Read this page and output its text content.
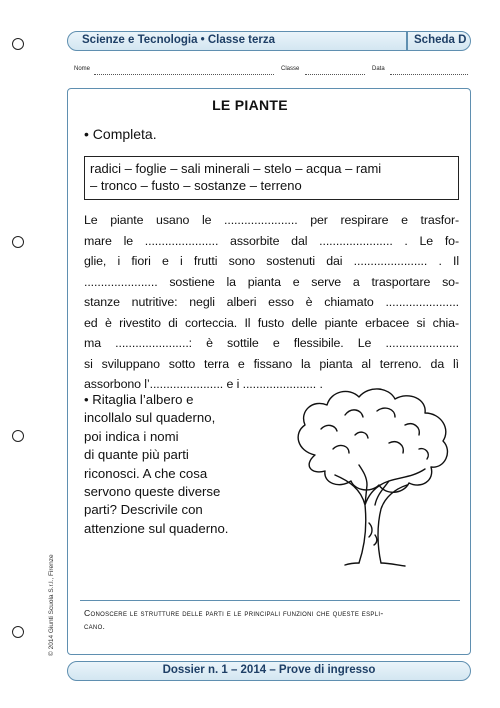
Scienze e Tecnologia • Classe terza	Scheda D
Nome	Classe	Data
LE PIANTE
• Completa.
radici – foglie – sali minerali – stelo – acqua – rami
– tronco – fusto – sostanze – terreno
Le piante usano le ...................... per respirare e trasfor-
mare le ...................... assorbite dal ...................... . Le fo-
glie, i fiori e i frutti sono sostenuti dai ...................... . Il
...................... sostiene la pianta e serve a trasportare so-
stanze nutritive: negli alberi esso è chiamato ......................
ed è rivestito di corteccia. Il fusto delle piante erbacee si chia-
ma ......................: è sottile e flessibile. Le ......................
si sviluppano sotto terra e fissano la pianta al terreno. da lì
assorbono l’...................... e i ...................... .
• Ritaglia l’albero e
incollalo sul quaderno,
poi indica i nomi
di quante più parti
riconosci. A che cosa
servono queste diverse
parti? Descrivile con
attenzione sul quaderno.
Conoscere le strutture delle parti e le principali funzioni che queste espli-
cano.
Dossier n. 1 – 2014 – Prove di ingresso
© 2014 Giunti Scuola S.r.l., Firenze
